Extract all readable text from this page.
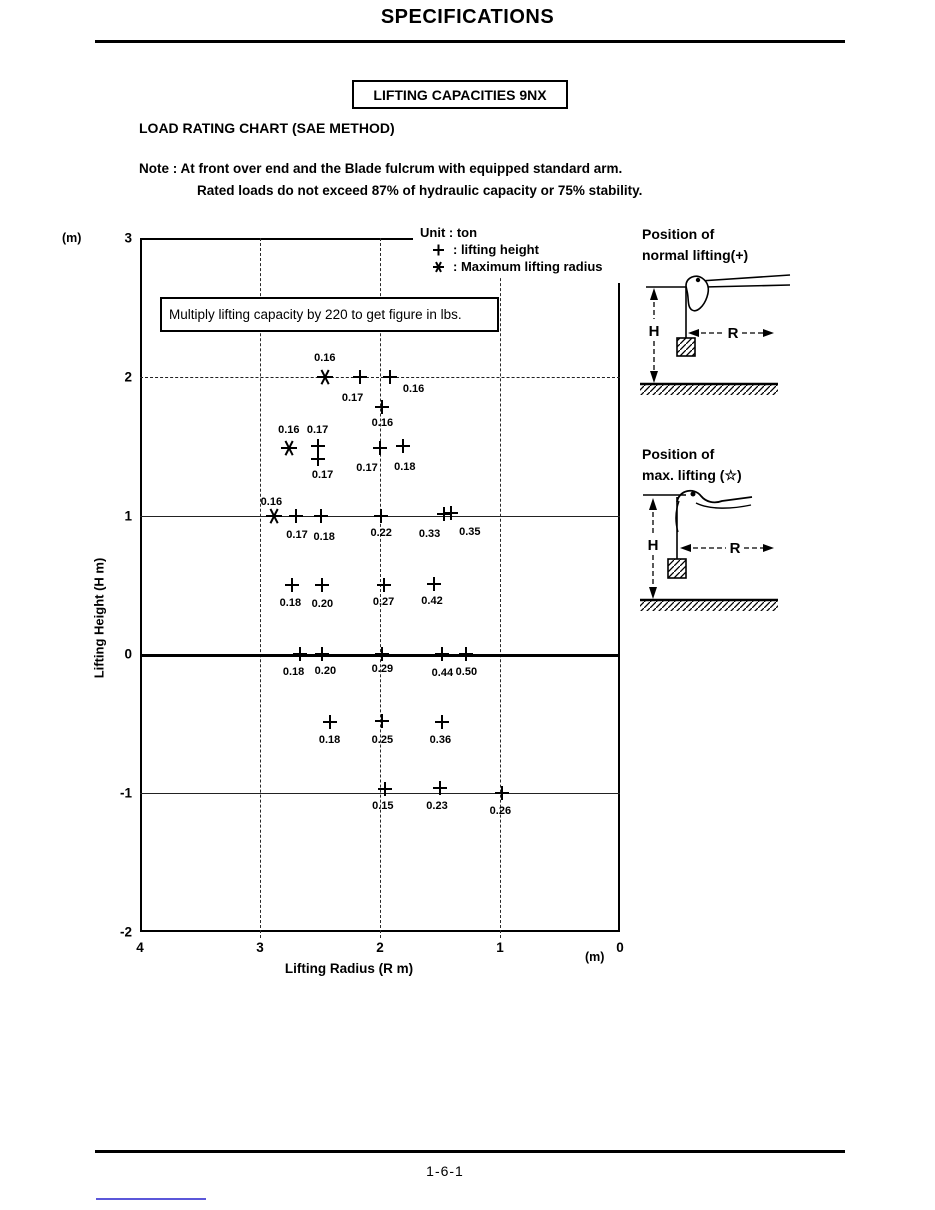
SPECIFICATIONS
LIFTING CAPACITIES 9NX
LOAD RATING CHART (SAE METHOD)
Note : At front over end and the Blade fulcrum with equipped standard arm.
Rated loads do not exceed 87% of hydraulic capacity or 75% stability.
(m)
Lifting Height (H m)
4	3	2	1	0
3
2
1
0
-1
-2
0.16
0.17
0.16
0.16
0.16 0.17
0.17
0.17 0.18
0.16
0.17 0.18	0.22 0.33 0.35
0.18 0.20	0.27 0.42
0.18 0.20	0.29	0.44 0.50
0.18	0.25	0.36
0.15	0.23	0.26
Unit : ton
: lifting height
: Maximum lifting radius
Multiply lifting capacity by 220 to get figure in lbs.
Lifting Radius (R m)
(m)
Position of
normal lifting(+)
H	R
Position of
max. lifting (☆)
H	R
1-6-1
